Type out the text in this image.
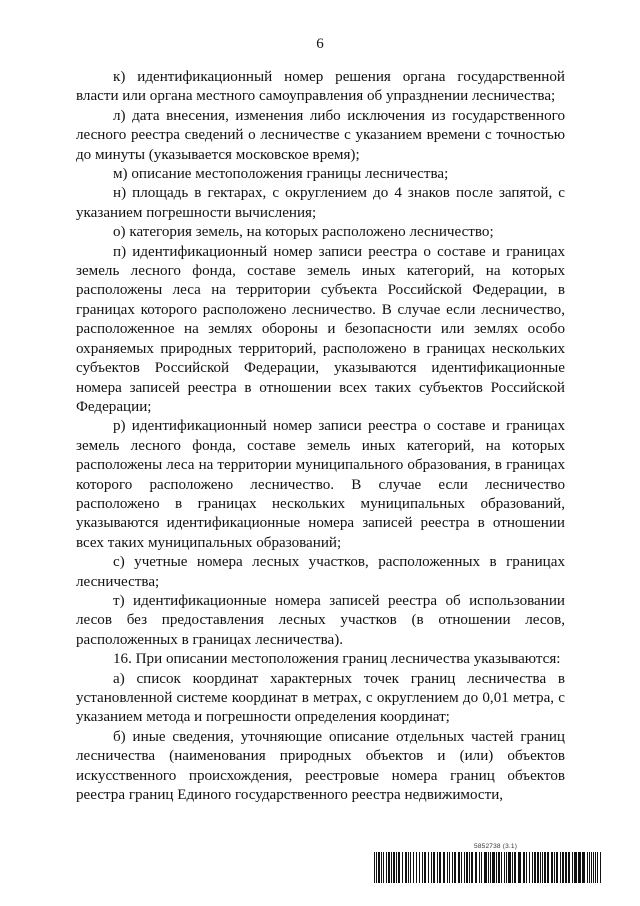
6

к) идентификационный номер решения органа государственной власти или органа местного самоуправления об упразднении лесничества;

л) дата внесения, изменения либо исключения из государственного лесного реестра сведений о лесничестве с указанием времени с точностью до минуты (указывается московское время);

м) описание местоположения границы лесничества;

н) площадь в гектарах, с округлением до 4 знаков после запятой, с указанием погрешности вычисления;

о) категория земель, на которых расположено лесничество;

п) идентификационный номер записи реестра о составе и границах земель лесного фонда, составе земель иных категорий, на которых расположены леса на территории субъекта Российской Федерации, в границах которого расположено лесничество. В случае если лесничество, расположенное на землях обороны и безопасности или землях особо охраняемых природных территорий, расположено в границах нескольких субъектов Российской Федерации, указываются идентификационные номера записей реестра в отношении всех таких субъектов Российской Федерации;

р) идентификационный номер записи реестра о составе и границах земель лесного фонда, составе земель иных категорий, на которых расположены леса на территории муниципального образования, в границах которого расположено лесничество. В случае если лесничество расположено в границах нескольких муниципальных образований, указываются идентификационные номера записей реестра в отношении всех таких муниципальных образований;

с) учетные номера лесных участков, расположенных в границах лесничества;

т) идентификационные номера записей реестра об использовании лесов без предоставления лесных участков (в отношении лесов, расположенных в границах лесничества).

16. При описании местоположения границ лесничества указываются:

а) список координат характерных точек границ лесничества в установленной системе координат в метрах, с округлением до 0,01 метра, с указанием метода и погрешности определения координат;

б) иные сведения, уточняющие описание отдельных частей границ лесничества (наименования природных объектов и (или) объектов искусственного происхождения, реестровые номера границ объектов реестра границ Единого государственного реестра недвижимости,

5852738 (3.1)
